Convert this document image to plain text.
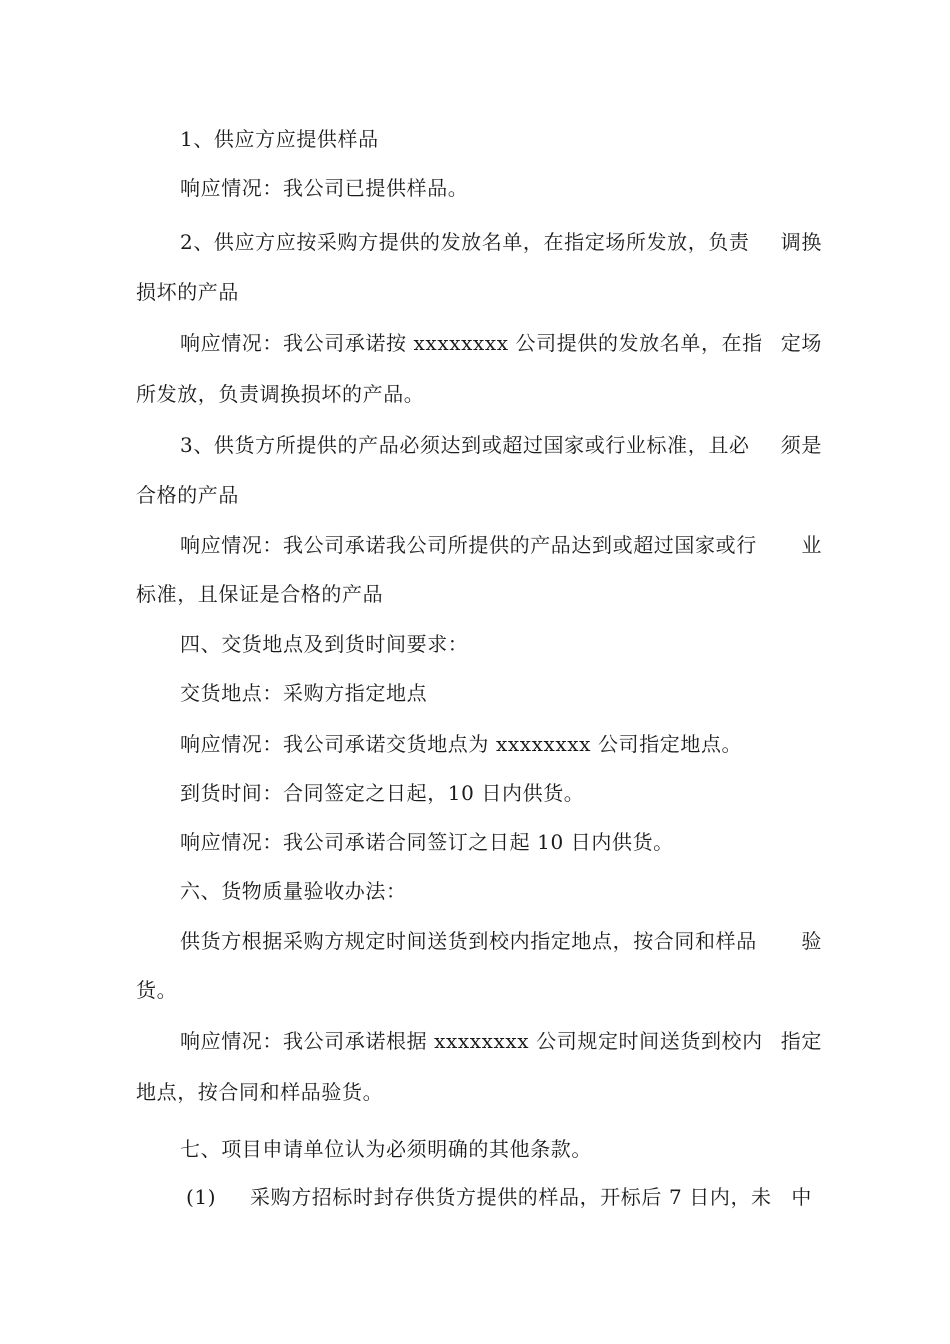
1、供应方应提供样品
响应情况：我公司已提供样品。
2、供应方应按采购方提供的发放名单，在指定场所发放，负责 调换
损坏的产品
响应情况：我公司承诺按 xxxxxxxx 公司提供的发放名单，在指 定场
所发放，负责调换损坏的产品。
3、供货方所提供的产品必须达到或超过国家或行业标准，且必 须是
合格的产品
响应情况：我公司承诺我公司所提供的产品达到或超过国家或行 业
标准，且保证是合格的产品
四、交货地点及到货时间要求：
交货地点：采购方指定地点
响应情况：我公司承诺交货地点为 xxxxxxxx 公司指定地点。
到货时间：合同签定之日起，10 日内供货。
响应情况：我公司承诺合同签订之日起 10 日内供货。
六、货物质量验收办法：
供货方根据采购方规定时间送货到校内指定地点，按合同和样品 验
货。
响应情况：我公司承诺根据 xxxxxxxx 公司规定时间送货到校内 指定
地点，按合同和样品验货。
七、项目申请单位认为必须明确的其他条款。
(1) 采购方招标时封存供货方提供的样品，开标后 7 日内，未 中
